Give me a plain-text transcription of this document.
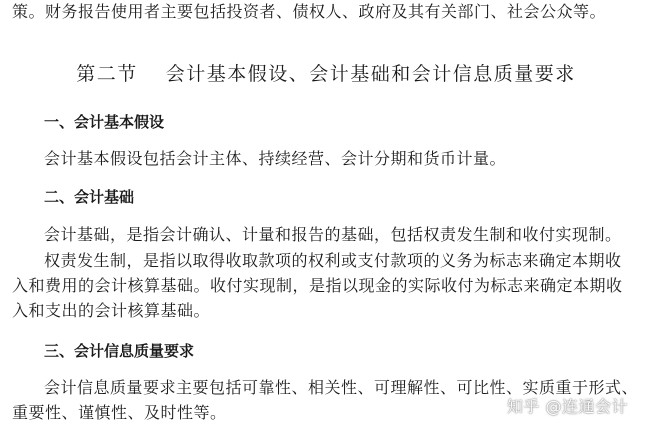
策。财务报告使用者主要包括投资者、债权人、政府及其有关部门、社会公众等。
第二节 会计基本假设、会计基础和会计信息质量要求
一、会计基本假设
会计基本假设包括会计主体、持续经营、会计分期和货币计量。
二、会计基础
会计基础，是指会计确认、计量和报告的基础，包括权责发生制和收付实现制。
权责发生制，是指以取得收取款项的权利或支付款项的义务为标志来确定本期收
入和费用的会计核算基础。收付实现制，是指以现金的实际收付为标志来确定本期收
入和支出的会计核算基础。
三、会计信息质量要求
会计信息质量要求主要包括可靠性、相关性、可理解性、可比性、实质重于形式、
重要性、谨慎性、及时性等。	知乎 @连通会计
